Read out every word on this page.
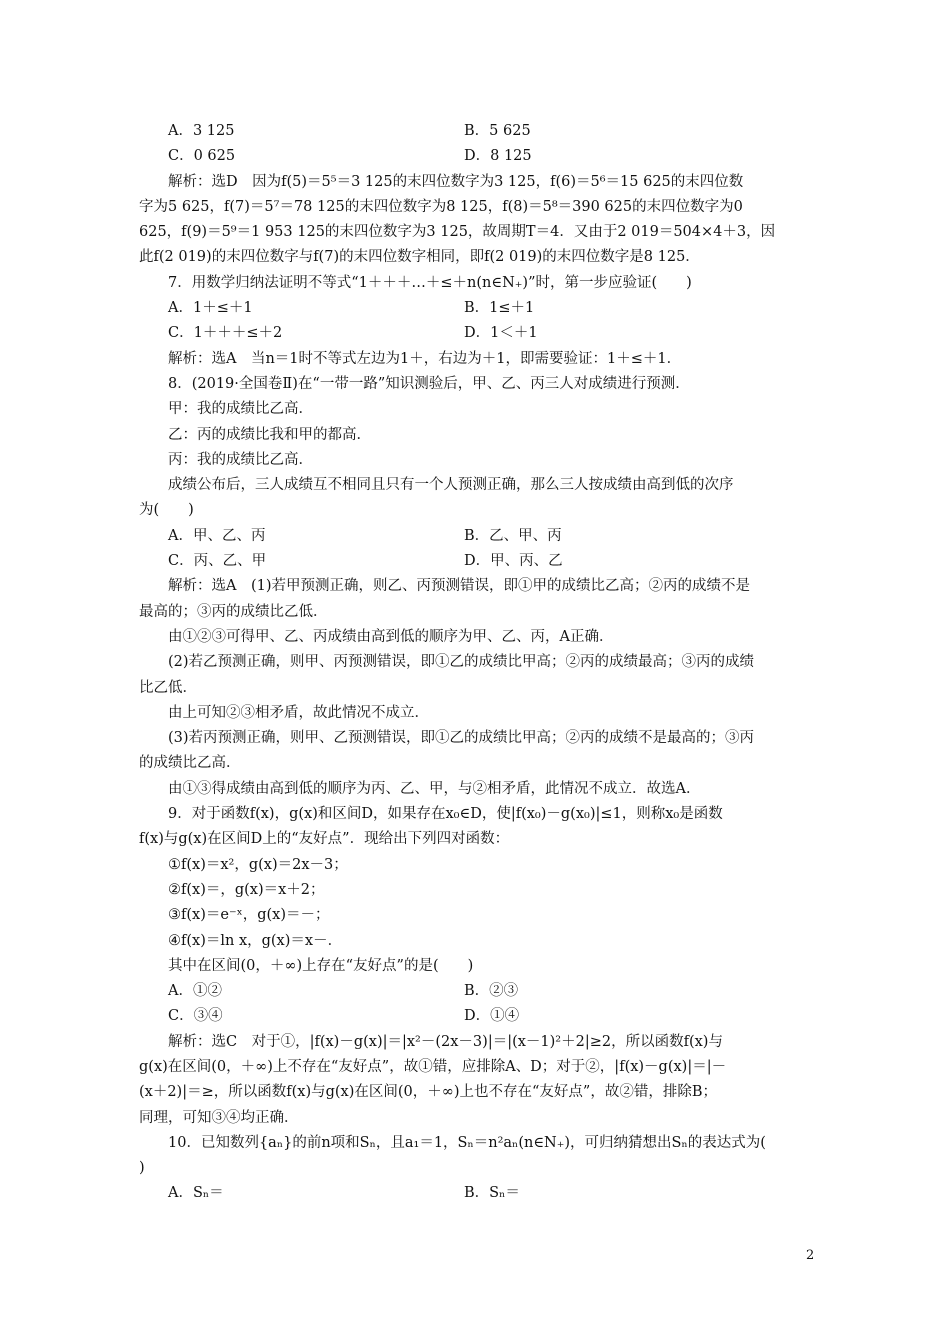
A．3 125	B．5 625
C．0 625	D．8 125
解析：选D　因为f(5)＝5⁵＝3 125的末四位数字为3 125，f(6)＝5⁶＝15 625的末四位数
字为5 625，f(7)＝5⁷＝78 125的末四位数字为8 125，f(8)＝5⁸＝390 625的末四位数字为0
625，f(9)＝5⁹＝1 953 125的末四位数字为3 125，故周期T＝4．又由于2 019＝504×4＋3，因
此f(2 019)的末四位数字与f(7)的末四位数字相同，即f(2 019)的末四位数字是8 125．
7．用数学归纳法证明不等式“1＋＋＋…＋≤＋n(n∈N₊)”时，第一步应验证(　　)
A．1＋≤＋1	B．1≤＋1
C．1＋＋＋≤＋2	D．1＜＋1
解析：选A　当n＝1时不等式左边为1＋，右边为＋1，即需要验证：1＋≤＋1．
8．(2019·全国卷Ⅱ)在“一带一路”知识测验后，甲、乙、丙三人对成绩进行预测．
甲：我的成绩比乙高．
乙：丙的成绩比我和甲的都高．
丙：我的成绩比乙高．
成绩公布后，三人成绩互不相同且只有一个人预测正确，那么三人按成绩由高到低的次序
为(　　)
A．甲、乙、丙	B．乙、甲、丙
C．丙、乙、甲	D．甲、丙、乙
解析：选A　(1)若甲预测正确，则乙、丙预测错误，即①甲的成绩比乙高；②丙的成绩不是
最高的；③丙的成绩比乙低．
由①②③可得甲、乙、丙成绩由高到低的顺序为甲、乙、丙，A正确．
(2)若乙预测正确，则甲、丙预测错误，即①乙的成绩比甲高；②丙的成绩最高；③丙的成绩
比乙低．
由上可知②③相矛盾，故此情况不成立．
(3)若丙预测正确，则甲、乙预测错误，即①乙的成绩比甲高；②丙的成绩不是最高的；③丙
的成绩比乙高．
由①③得成绩由高到低的顺序为丙、乙、甲，与②相矛盾，此情况不成立．故选A．
9．对于函数f(x)，g(x)和区间D，如果存在x₀∈D，使|f(x₀)－g(x₀)|≤1，则称x₀是函数
f(x)与g(x)在区间D上的“友好点”．现给出下列四对函数：
①f(x)＝x²，g(x)＝2x－3；
②f(x)＝，g(x)＝x＋2；
③f(x)＝e⁻ˣ，g(x)＝－；
④f(x)＝ln x，g(x)＝x－．
其中在区间(0，＋∞)上存在“友好点”的是(　　)
A．①②	B．②③
C．③④	D．①④
解析：选C　对于①，|f(x)－g(x)|＝|x²－(2x－3)|＝|(x－1)²＋2|≥2，所以函数f(x)与
g(x)在区间(0，＋∞)上不存在“友好点”，故①错，应排除A、D；对于②，|f(x)－g(x)|＝|－
(x＋2)|＝≥，所以函数f(x)与g(x)在区间(0，＋∞)上也不存在“友好点”，故②错，排除B；
同理，可知③④均正确．
10．已知数列{aₙ}的前n项和Sₙ，且a₁＝1，Sₙ＝n²aₙ(n∈N₊)，可归纳猜想出Sₙ的表达式为(
)
A．Sₙ＝	B．Sₙ＝
2
